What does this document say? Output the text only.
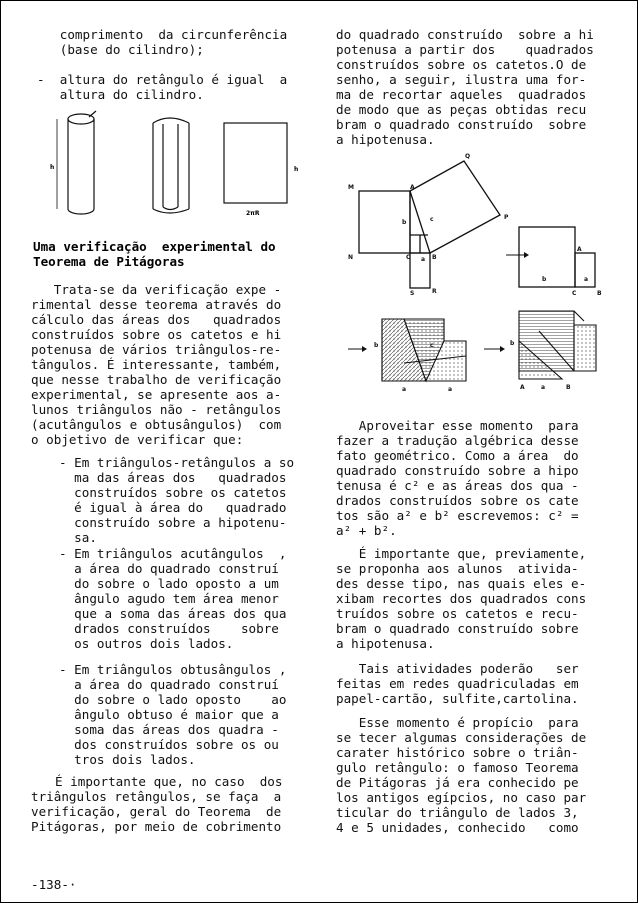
comprimento  da circunferência
(base do cilindro);
-  altura do retângulo é igual  a
altura do cilindro.
h	h
2πR
Uma verificação  experimental do
Teorema de Pitágoras
Trata-se da verificação expe -
rimental desse teorema através do
cálculo das áreas dos   quadrados
construídos sobre os catetos e hi
potenusa de vários triângulos-re-
tângulos. É interessante, também,
que nesse trabalho de verificação
experimental, se apresente aos a-
lunos triângulos não - retângulos
(acutângulos e obtusângulos)  com
o objetivo de verificar que:
- Em triângulos-retângulos a so
ma das áreas dos   quadrados
construídos sobre os catetos
é igual à área do   quadrado
construído sobre a hipotenu-
sa.
- Em triângulos acutângulos  ,
a área do quadrado construí
do sobre o lado oposto a um
ângulo agudo tem área menor
que a soma das áreas dos qua
drados construídos    sobre
os outros dois lados.
- Em triângulos obtusângulos ,
a área do quadrado construí
do sobre o lado oposto    ao
ângulo obtuso é maior que a
soma das áreas dos quadra -
dos construídos sobre os ou
tros dois lados.
É importante que, no caso  dos
triângulos retângulos, se faça  a
verificação, geral do Teorema  de
Pitágoras, por meio de cobrimento
-138-·
do quadrado construído  sobre a hi
potenusa a partir dos    quadrados
construídos sobre os catetos.O de
senho, a seguir, ilustra uma for-
ma de recortar aqueles  quadrados
de modo que as peças obtidas recu
bram o quadrado construído  sobre
a hipotenusa.
Q
M	A
P
b	c
N	C a B
S	R
A
b
C
a
B
b
a	a
c	b
A	a	B
Aproveitar esse momento  para
fazer a tradução algébrica desse
fato geométrico. Como a área  do
quadrado construído sobre a hipo
tenusa é c² e as áreas dos qua -
drados construídos sobre os cate
tos são a² e b² escrevemos: c² =
a² + b².
É importante que, previamente,
se proponha aos alunos  ativida-
des desse tipo, nas quais eles e-
xibam recortes dos quadrados cons
truídos sobre os catetos e recu-
bram o quadrado construído sobre
a hipotenusa.
Tais atividades poderão   ser
feitas em redes quadriculadas em
papel-cartão, sulfite,cartolina.
Esse momento é propício  para
se tecer algumas considerações de
carater histórico sobre o triân-
gulo retângulo: o famoso Teorema
de Pitágoras já era conhecido pe
los antigos egípcios, no caso par
ticular do triângulo de lados 3,
4 e 5 unidades, conhecido   como
